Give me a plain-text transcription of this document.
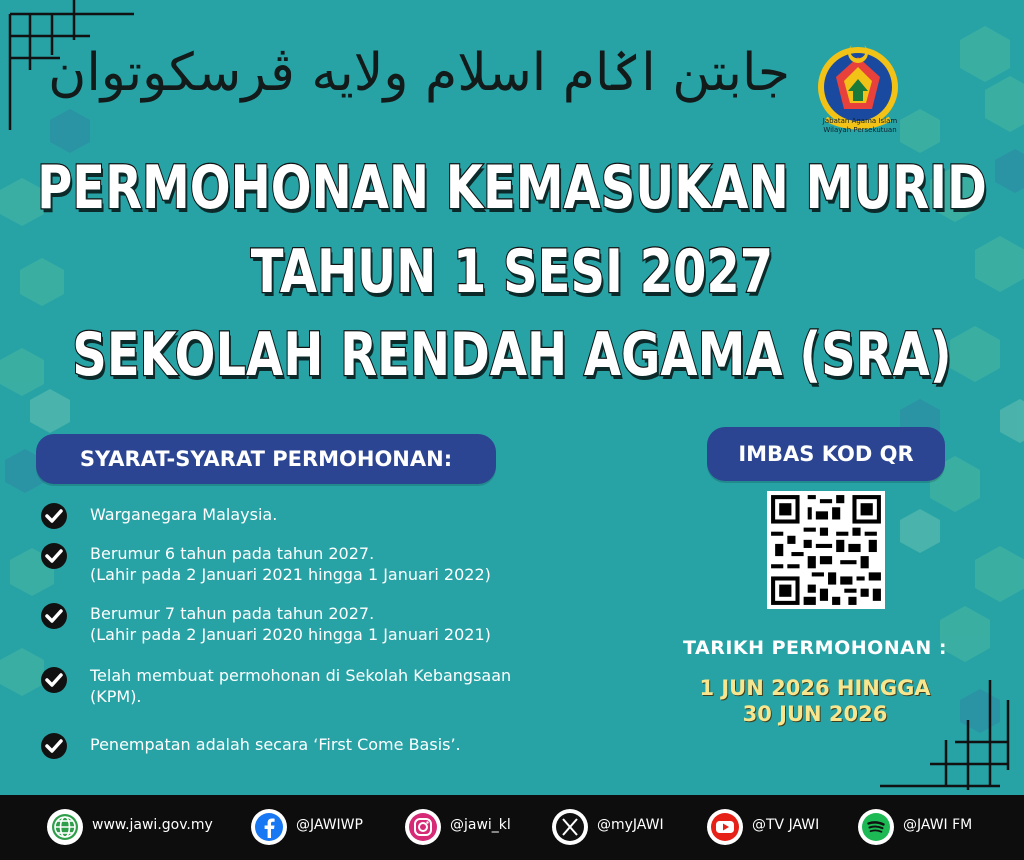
جابتن اݢام اسلام ولايه ڤرسكوتوان
Jabatan Agama Islam
Wilayah Persekutuan
PERMOHONAN KEMASUKAN MURID
TAHUN 1 SESI 2027
SEKOLAH RENDAH AGAMA (SRA)
SYARAT-SYARAT PERMOHONAN:
Warganegara Malaysia.
Berumur 6 tahun pada tahun 2027.
(Lahir pada 2 Januari 2021 hingga 1 Januari 2022)
Berumur 7 tahun pada tahun 2027.
(Lahir pada 2 Januari 2020 hingga 1 Januari 2021)
Telah membuat permohonan di Sekolah Kebangsaan
(KPM).
Penempatan adalah secara ‘First Come Basis’.
IMBAS KOD QR
TARIKH PERMOHONAN :
1 JUN 2026 HINGGA
30 JUN 2026
www.jawi.gov.my	@JAWIWP	@jawi_kl	@myJAWI	@TV JAWI	@JAWI FM
